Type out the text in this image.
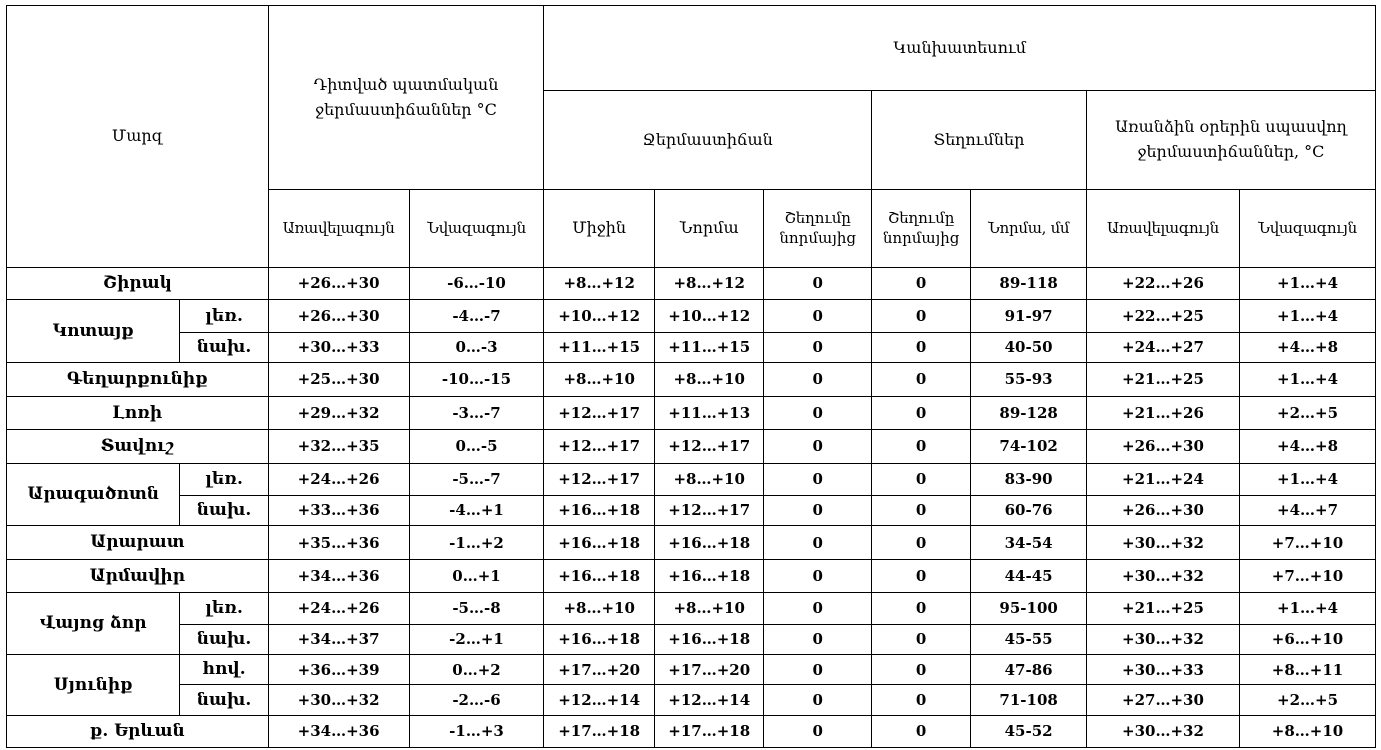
Մարզ		Դիտված պատմական ջերմաստիճաններ °C		Կանխատեսում						
				Ջերմաստիճան			Տեղումներ		Առանձին օրերին սպասվող ջերմաստիճաններ, °C	
		Առավելագույն	Նվազագույն	Միջին	Նորմա	Շեղումը նորմայից	Շեղումը նորմայից	Նորմա, մմ	Առավելագույն	Նվազագույն
Շիրակ		+26…+30	-6…-10	+8…+12	+8…+12	0	0	89-118	+22…+26	+1…+4
Կոտայք	լեռ.	+26…+30	-4…-7	+10…+12	+10…+12	0	0	91-97	+22…+25	+1…+4
	նախ.	+30…+33	0…-3	+11…+15	+11…+15	0	0	40-50	+24…+27	+4…+8
Գեղարքունիք		+25…+30	-10…-15	+8…+10	+8…+10	0	0	55-93	+21…+25	+1…+4
Լոռի		+29…+32	-3…-7	+12…+17	+11…+13	0	0	89-128	+21…+26	+2…+5
Տավուշ		+32…+35	0…-5	+12…+17	+12…+17	0	0	74-102	+26…+30	+4…+8
Արագածոտն	լեռ.	+24…+26	-5…-7	+12…+17	+8…+10	0	0	83-90	+21…+24	+1…+4
	նախ.	+33…+36	-4…+1	+16…+18	+12…+17	0	0	60-76	+26…+30	+4…+7
Արարատ		+35…+36	-1…+2	+16…+18	+16…+18	0	0	34-54	+30…+32	+7…+10
Արմավիր		+34…+36	0…+1	+16…+18	+16…+18	0	0	44-45	+30…+32	+7…+10
Վայոց ձոր	լեռ.	+24…+26	-5…-8	+8…+10	+8…+10	0	0	95-100	+21…+25	+1…+4
	նախ.	+34…+37	-2…+1	+16…+18	+16…+18	0	0	45-55	+30…+32	+6…+10
Սյունիք	հով.	+36…+39	0…+2	+17…+20	+17…+20	0	0	47-86	+30…+33	+8…+11
	նախ.	+30…+32	-2…-6	+12…+14	+12…+14	0	0	71-108	+27…+30	+2…+5
ք. Երևան		+34…+36	-1…+3	+17…+18	+17…+18	0	0	45-52	+30…+32	+8…+10
